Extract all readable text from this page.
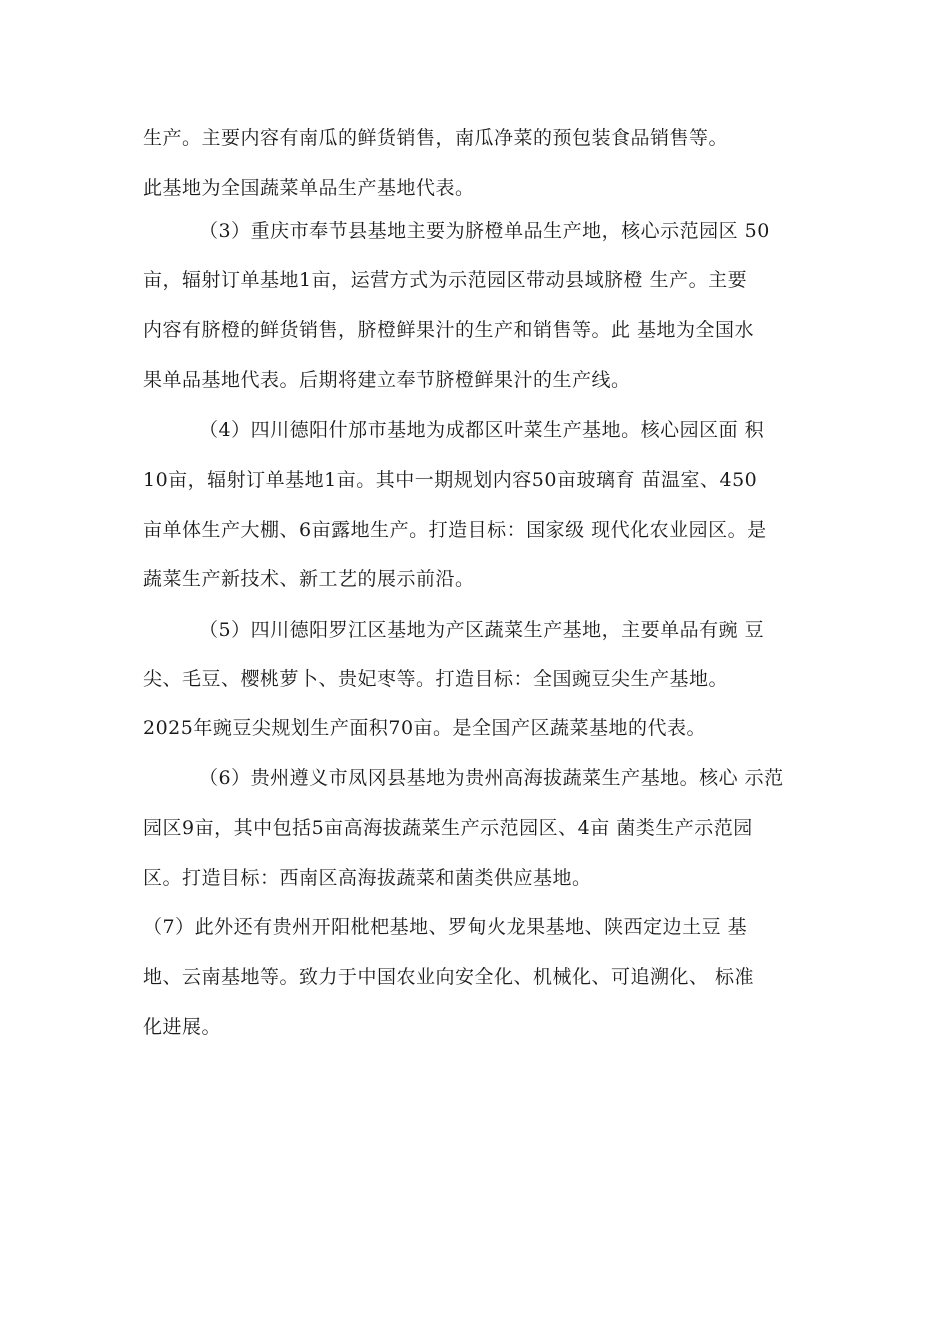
生产。主要内容有南瓜的鲜货销售，南瓜净菜的预包装食品销售等。
此基地为全国蔬菜单品生产基地代表。
（3）重庆市奉节县基地主要为脐橙单品生产地，核心示范园区 50
亩，辐射订单基地1亩，运营方式为示范园区带动县域脐橙 生产。主要
内容有脐橙的鲜货销售，脐橙鲜果汁的生产和销售等。此 基地为全国水
果单品基地代表。后期将建立奉节脐橙鲜果汁的生产线。
（4）四川德阳什邡市基地为成都区叶菜生产基地。核心园区面 积
10亩，辐射订单基地1亩。其中一期规划内容50亩玻璃育 苗温室、450
亩单体生产大棚、6亩露地生产。打造目标：国家级 现代化农业园区。是
蔬菜生产新技术、新工艺的展示前沿。
（5）四川德阳罗江区基地为产区蔬菜生产基地，主要单品有豌 豆
尖、毛豆、樱桃萝卜、贵妃枣等。打造目标：全国豌豆尖生产基地。
2025年豌豆尖规划生产面积70亩。是全国产区蔬菜基地的代表。
（6）贵州遵义市凤冈县基地为贵州高海拔蔬菜生产基地。核心 示范
园区9亩，其中包括5亩高海拔蔬菜生产示范园区、4亩 菌类生产示范园
区。打造目标：西南区高海拔蔬菜和菌类供应基地。
（7）此外还有贵州开阳枇杷基地、罗甸火龙果基地、陕西定边土豆 基
地、云南基地等。致力于中国农业向安全化、机械化、可追溯化、 标准
化进展。
